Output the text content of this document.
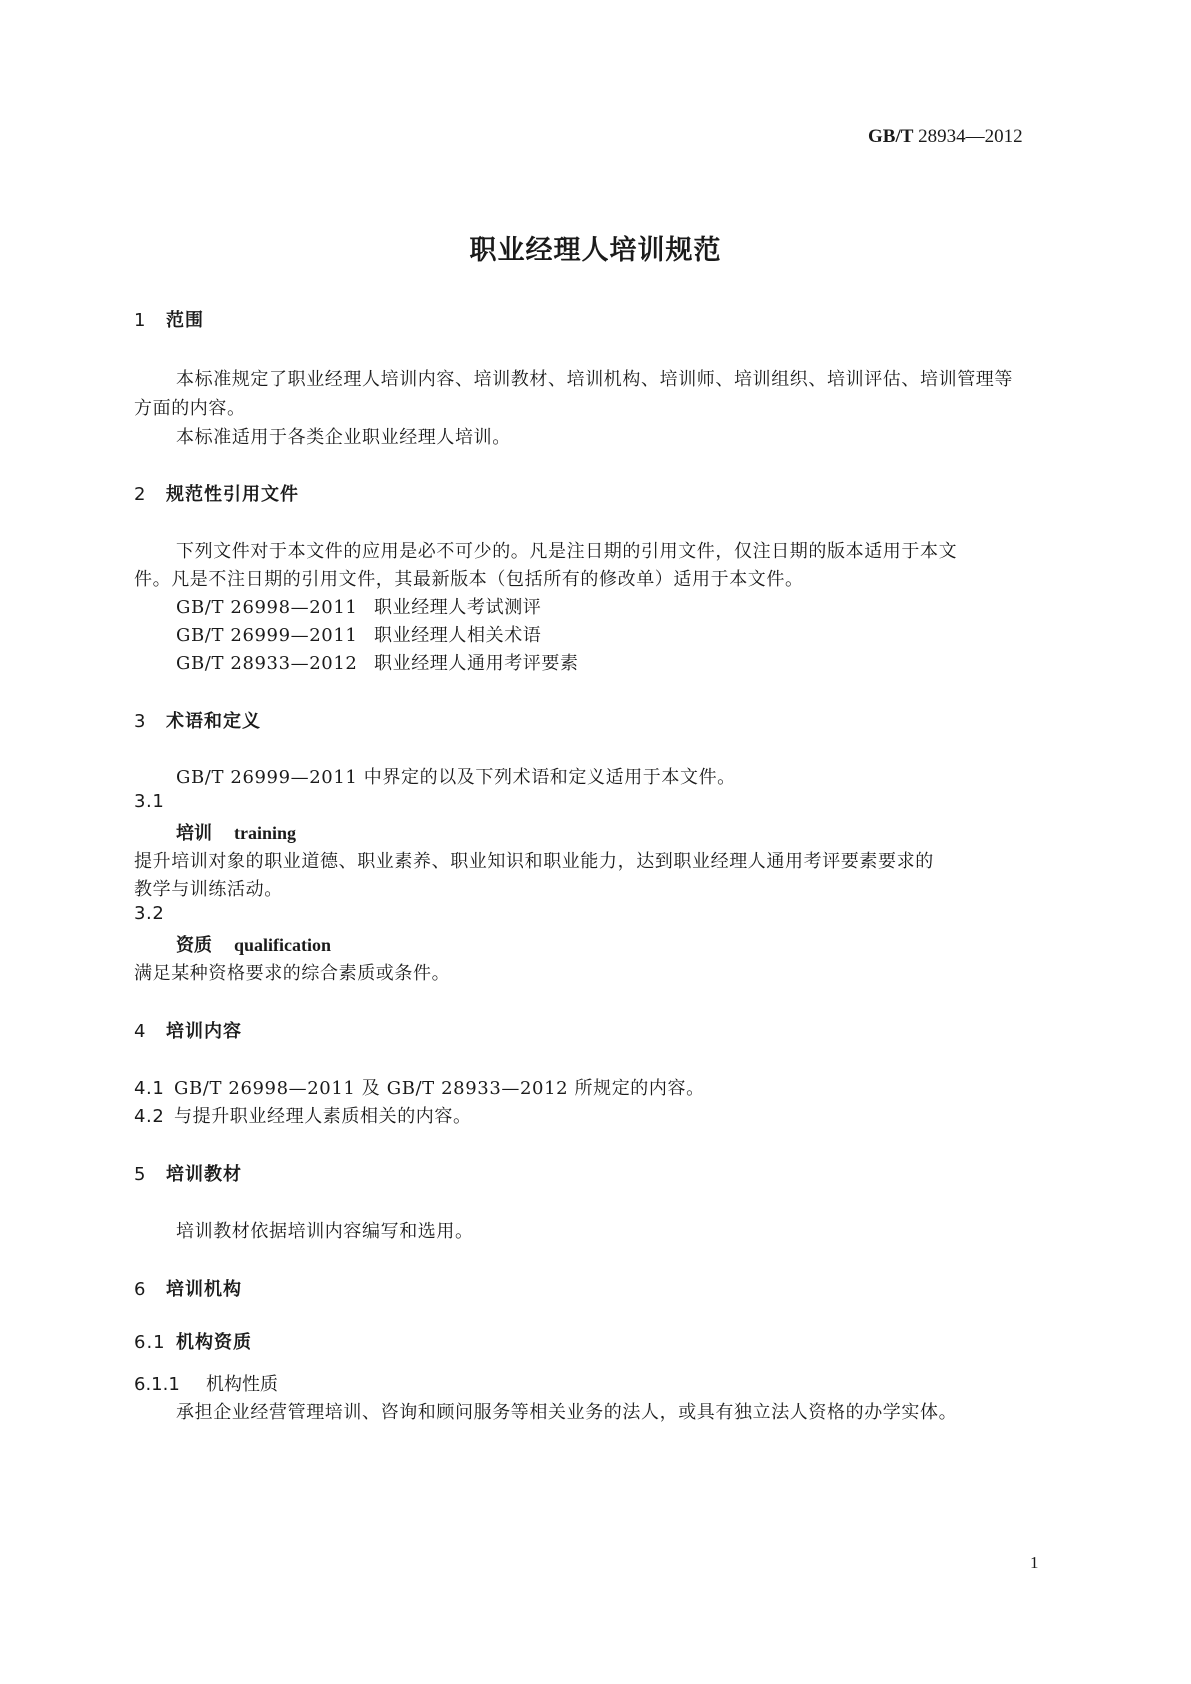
GB/T 28934—2012
职业经理人培训规范
1 范围
本标准规定了职业经理人培训内容、培训教材、培训机构、培训师、培训组织、培训评估、培训管理等
方面的内容。
本标准适用于各类企业职业经理人培训。
2 规范性引用文件
下列文件对于本文件的应用是必不可少的。凡是注日期的引用文件，仅注日期的版本适用于本文
件。凡是不注日期的引用文件，其最新版本（包括所有的修改单）适用于本文件。
GB/T 26998—2011 职业经理人考试测评
GB/T 26999—2011 职业经理人相关术语
GB/T 28933—2012 职业经理人通用考评要素
3 术语和定义
GB/T 26999—2011 中界定的以及下列术语和定义适用于本文件。
3.1
培训 training
提升培训对象的职业道德、职业素养、职业知识和职业能力，达到职业经理人通用考评要素要求的
教学与训练活动。
3.2
资质 qualification
满足某种资格要求的综合素质或条件。
4 培训内容
4.1 GB/T 26998—2011 及 GB/T 28933—2012 所规定的内容。
4.2 与提升职业经理人素质相关的内容。
5 培训教材
培训教材依据培训内容编写和选用。
6 培训机构
6.1 机构资质
6.1.1 机构性质
承担企业经营管理培训、咨询和顾问服务等相关业务的法人，或具有独立法人资格的办学实体。
1
